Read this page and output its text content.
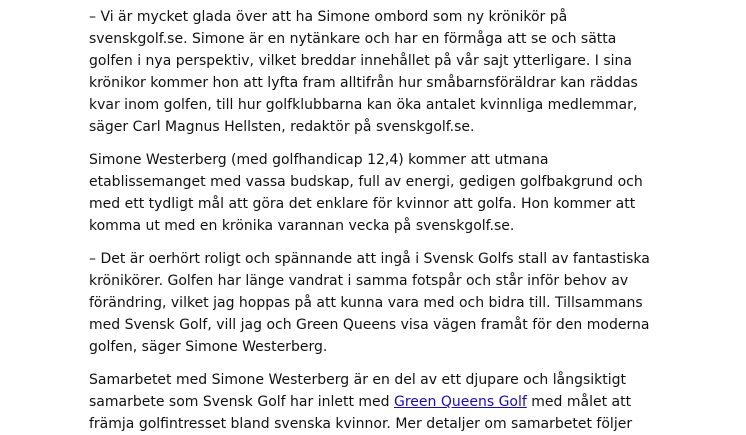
– Vi är mycket glada över att ha Simone ombord som ny krönikör på
svenskgolf.se. Simone är en nytänkare och har en förmåga att se och sätta
golfen i nya perspektiv, vilket breddar innehållet på vår sajt ytterligare. I sina
krönikor kommer hon att lyfta fram alltifrån hur småbarnsföräldrar kan räddas
kvar inom golfen, till hur golfklubbarna kan öka antalet kvinnliga medlemmar,
säger Carl Magnus Hellsten, redaktör på svenskgolf.se.

Simone Westerberg (med golfhandicap 12,4) kommer att utmana
etablissemanget med vassa budskap, full av energi, gedigen golfbakgrund och
med ett tydligt mål att göra det enklare för kvinnor att golfa. Hon kommer att
komma ut med en krönika varannan vecka på svenskgolf.se.

– Det är oerhört roligt och spännande att ingå i Svensk Golfs stall av fantastiska
krönikörer. Golfen har länge vandrat i samma fotspår och står inför behov av
förändring, vilket jag hoppas på att kunna vara med och bidra till. Tillsammans
med Svensk Golf, vill jag och Green Queens visa vägen framåt för den moderna
golfen, säger Simone Westerberg.

Samarbetet med Simone Westerberg är en del av ett djupare och långsiktigt
samarbete som Svensk Golf har inlett med Green Queens Golf med målet att
främja golfintresset bland svenska kvinnor. Mer detaljer om samarbetet följer
